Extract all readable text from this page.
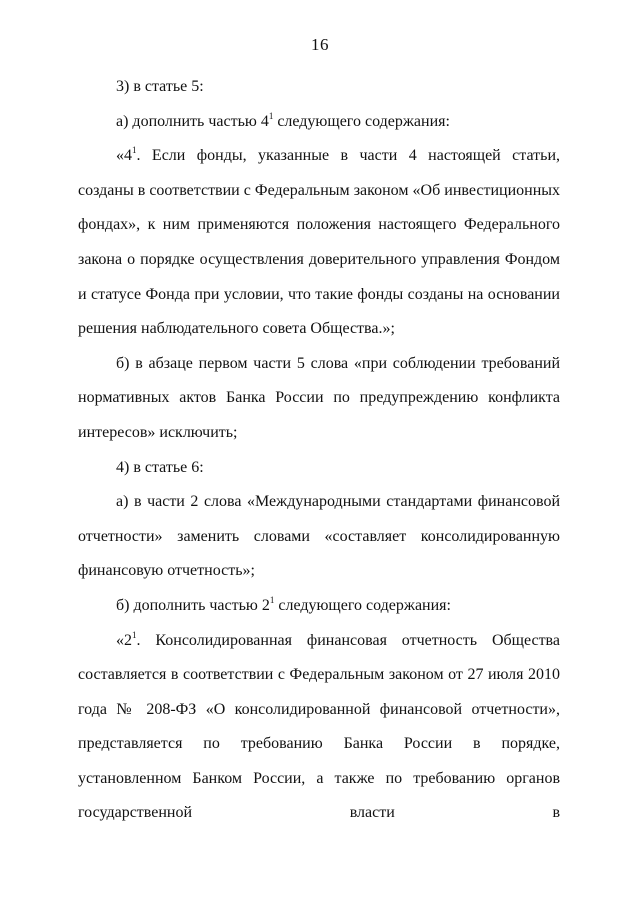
16

3) в статье 5:

а) дополнить частью $4^1$ следующего содержания:

«$4^1$. Если фонды, указанные в части 4 настоящей статьи, созданы в соответствии с Федеральным законом «Об инвестиционных фондах», к ним применяются положения настоящего Федерального закона о порядке осуществления доверительного управления Фондом и статусе Фонда при условии, что такие фонды созданы на основании решения наблюдательного совета Общества.»;

б) в абзаце первом части 5 слова «при соблюдении требований нормативных актов Банка России по предупреждению конфликта интересов» исключить;

4) в статье 6:

а) в части 2 слова «Международными стандартами финансовой отчетности» заменить словами «составляет консолидированную финансовую отчетность»;

б) дополнить частью $2^1$ следующего содержания:

«$2^1$. Консолидированная финансовая отчетность Общества составляется в соответствии с Федеральным законом от 27 июля 2010 года № 208-ФЗ «О консолидированной финансовой отчетности», представляется по требованию Банка России в порядке, установленном Банком России, а также по требованию органов государственной власти в
